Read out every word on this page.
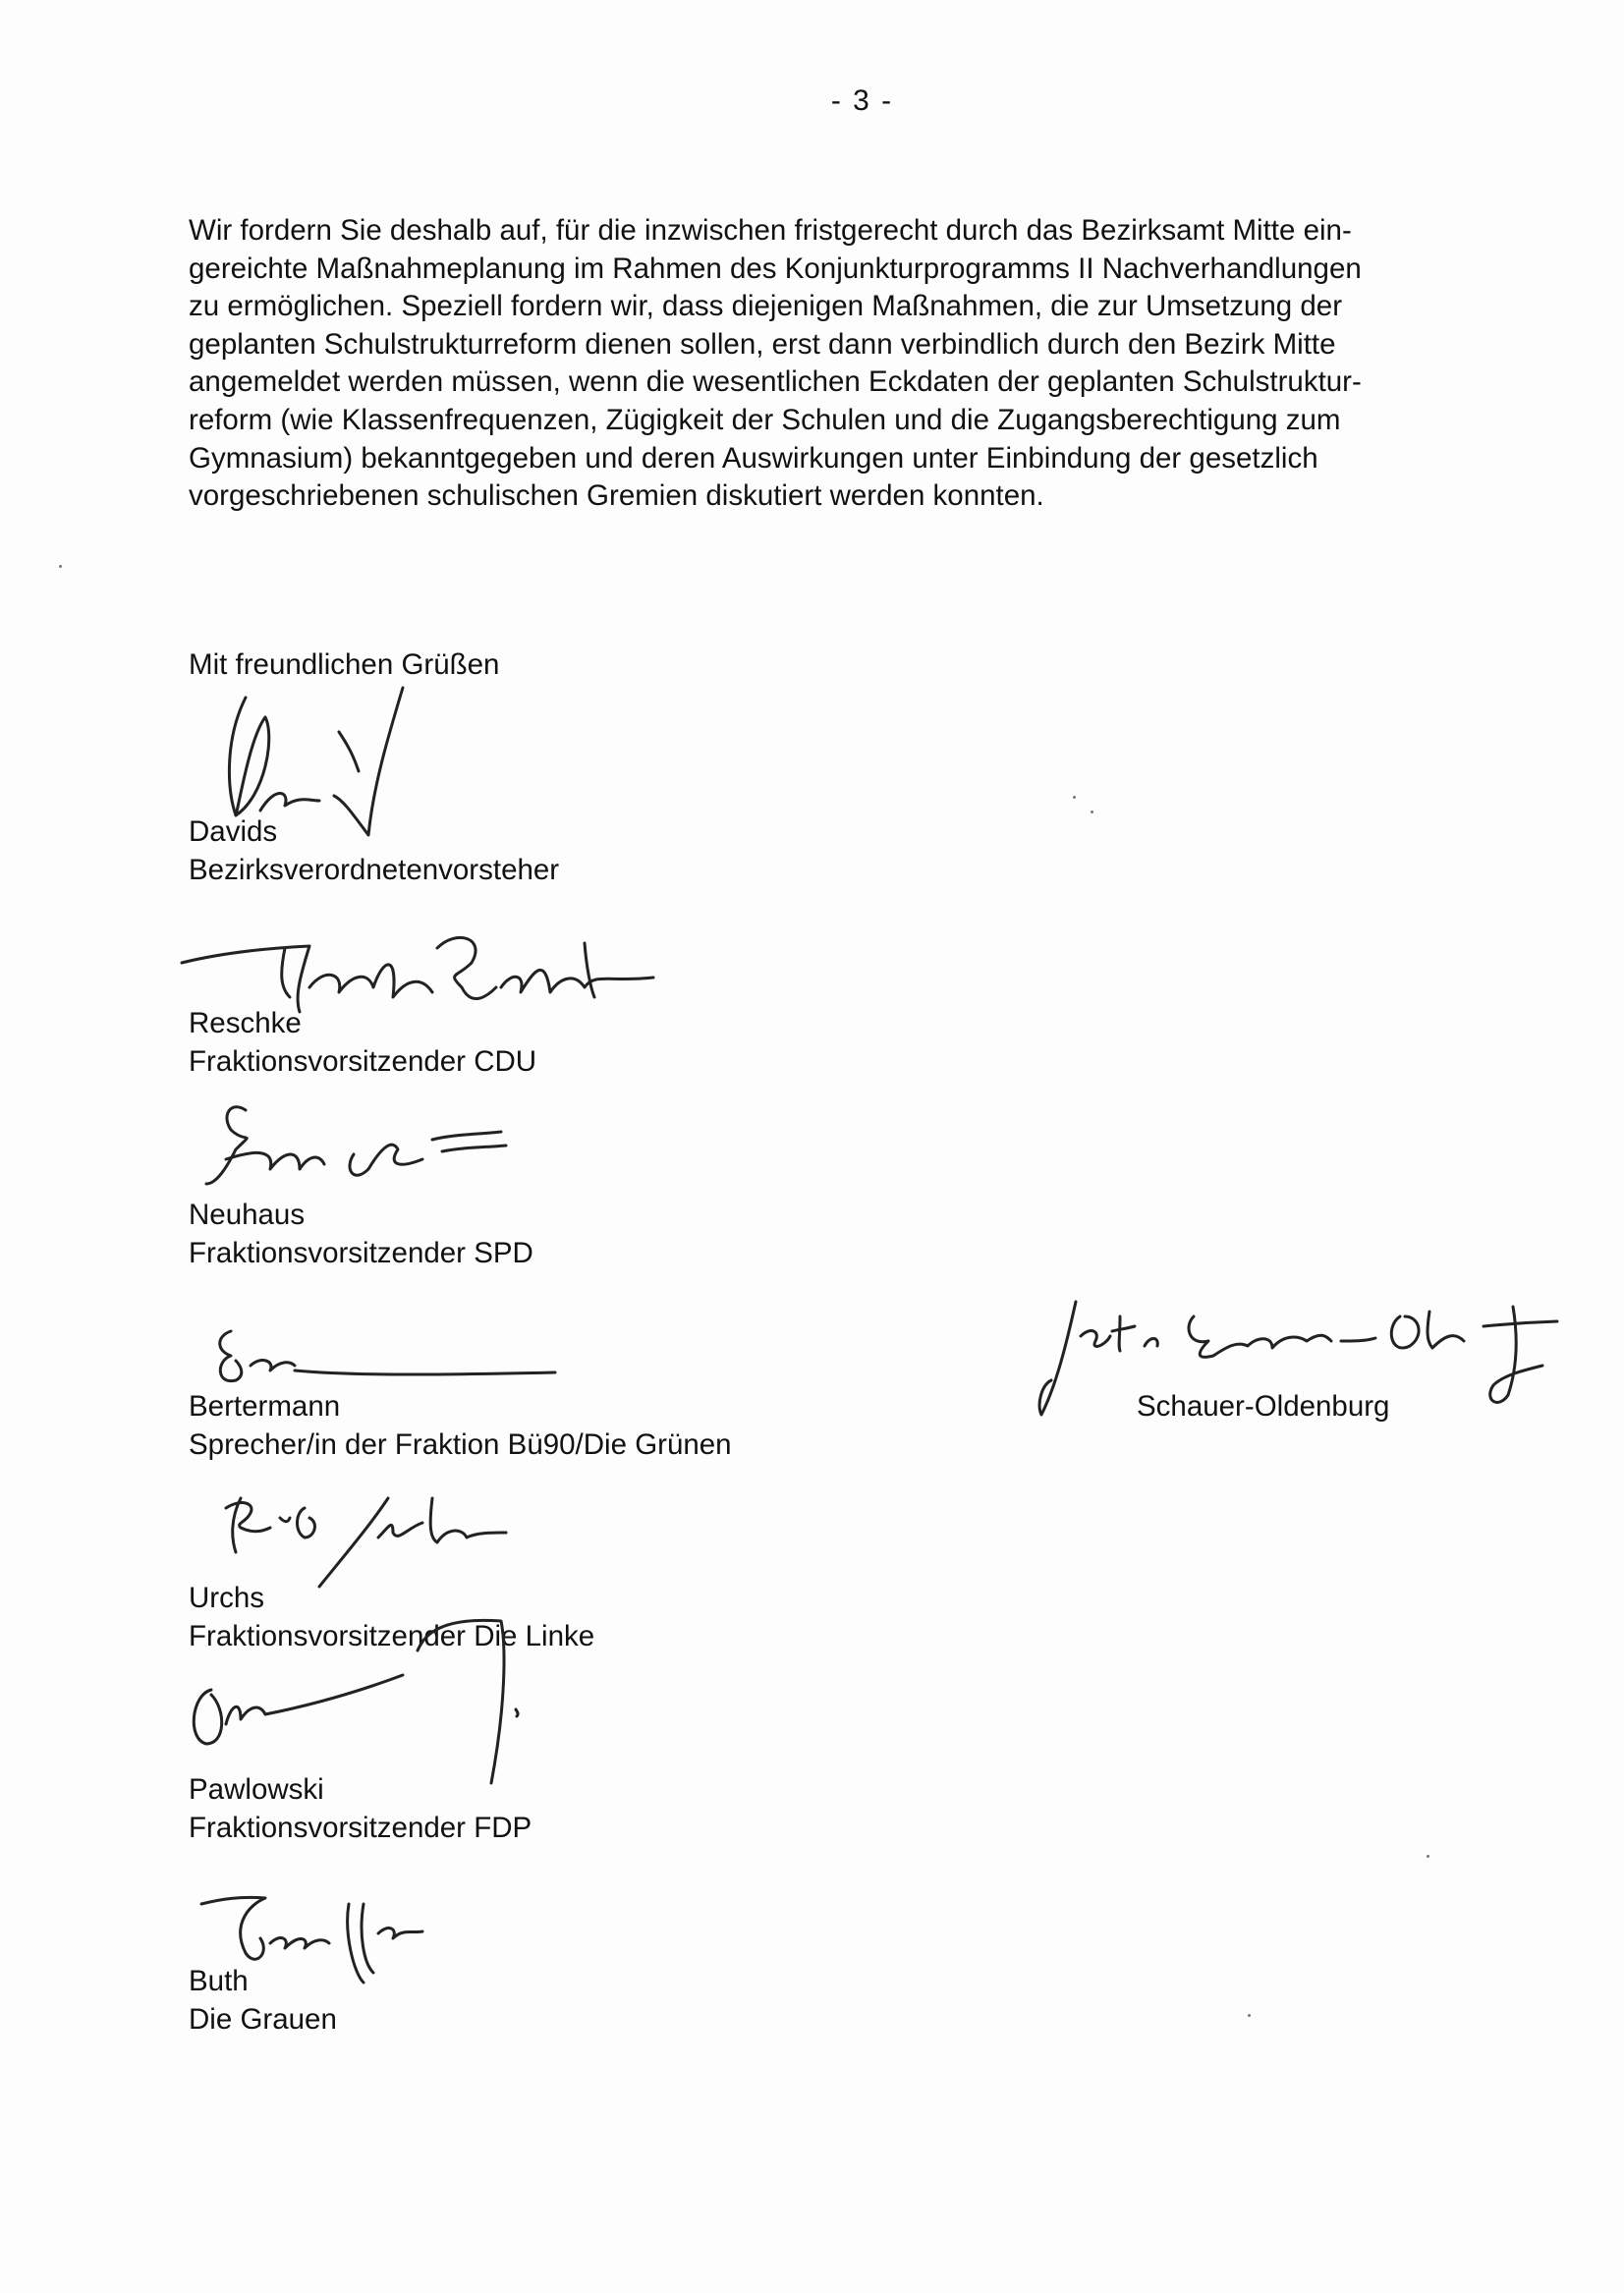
- 3 -
Wir fordern Sie deshalb auf, für die inzwischen fristgerecht durch das Bezirksamt Mitte ein-
gereichte Maßnahmeplanung im Rahmen des Konjunkturprogramms II Nachverhandlungen
zu ermöglichen. Speziell fordern wir, dass diejenigen Maßnahmen, die zur Umsetzung der
geplanten Schulstrukturreform dienen sollen, erst dann verbindlich durch den Bezirk Mitte
angemeldet werden müssen, wenn die wesentlichen Eckdaten der geplanten Schulstruktur-
reform (wie Klassenfrequenzen, Zügigkeit der Schulen und die Zugangsberechtigung zum
Gymnasium) bekanntgegeben und deren Auswirkungen unter Einbindung der gesetzlich
vorgeschriebenen schulischen Gremien diskutiert werden konnten.
Mit freundlichen Grüßen
Davids
Bezirksverordnetenvorsteher
Reschke
Fraktionsvorsitzender CDU
Neuhaus
Fraktionsvorsitzender SPD
Bertermann
Sprecher/in der Fraktion Bü90/Die Grünen
Schauer-Oldenburg
Urchs
Fraktionsvorsitzender Die Linke
Pawlowski
Fraktionsvorsitzender FDP
Buth
Die Grauen
